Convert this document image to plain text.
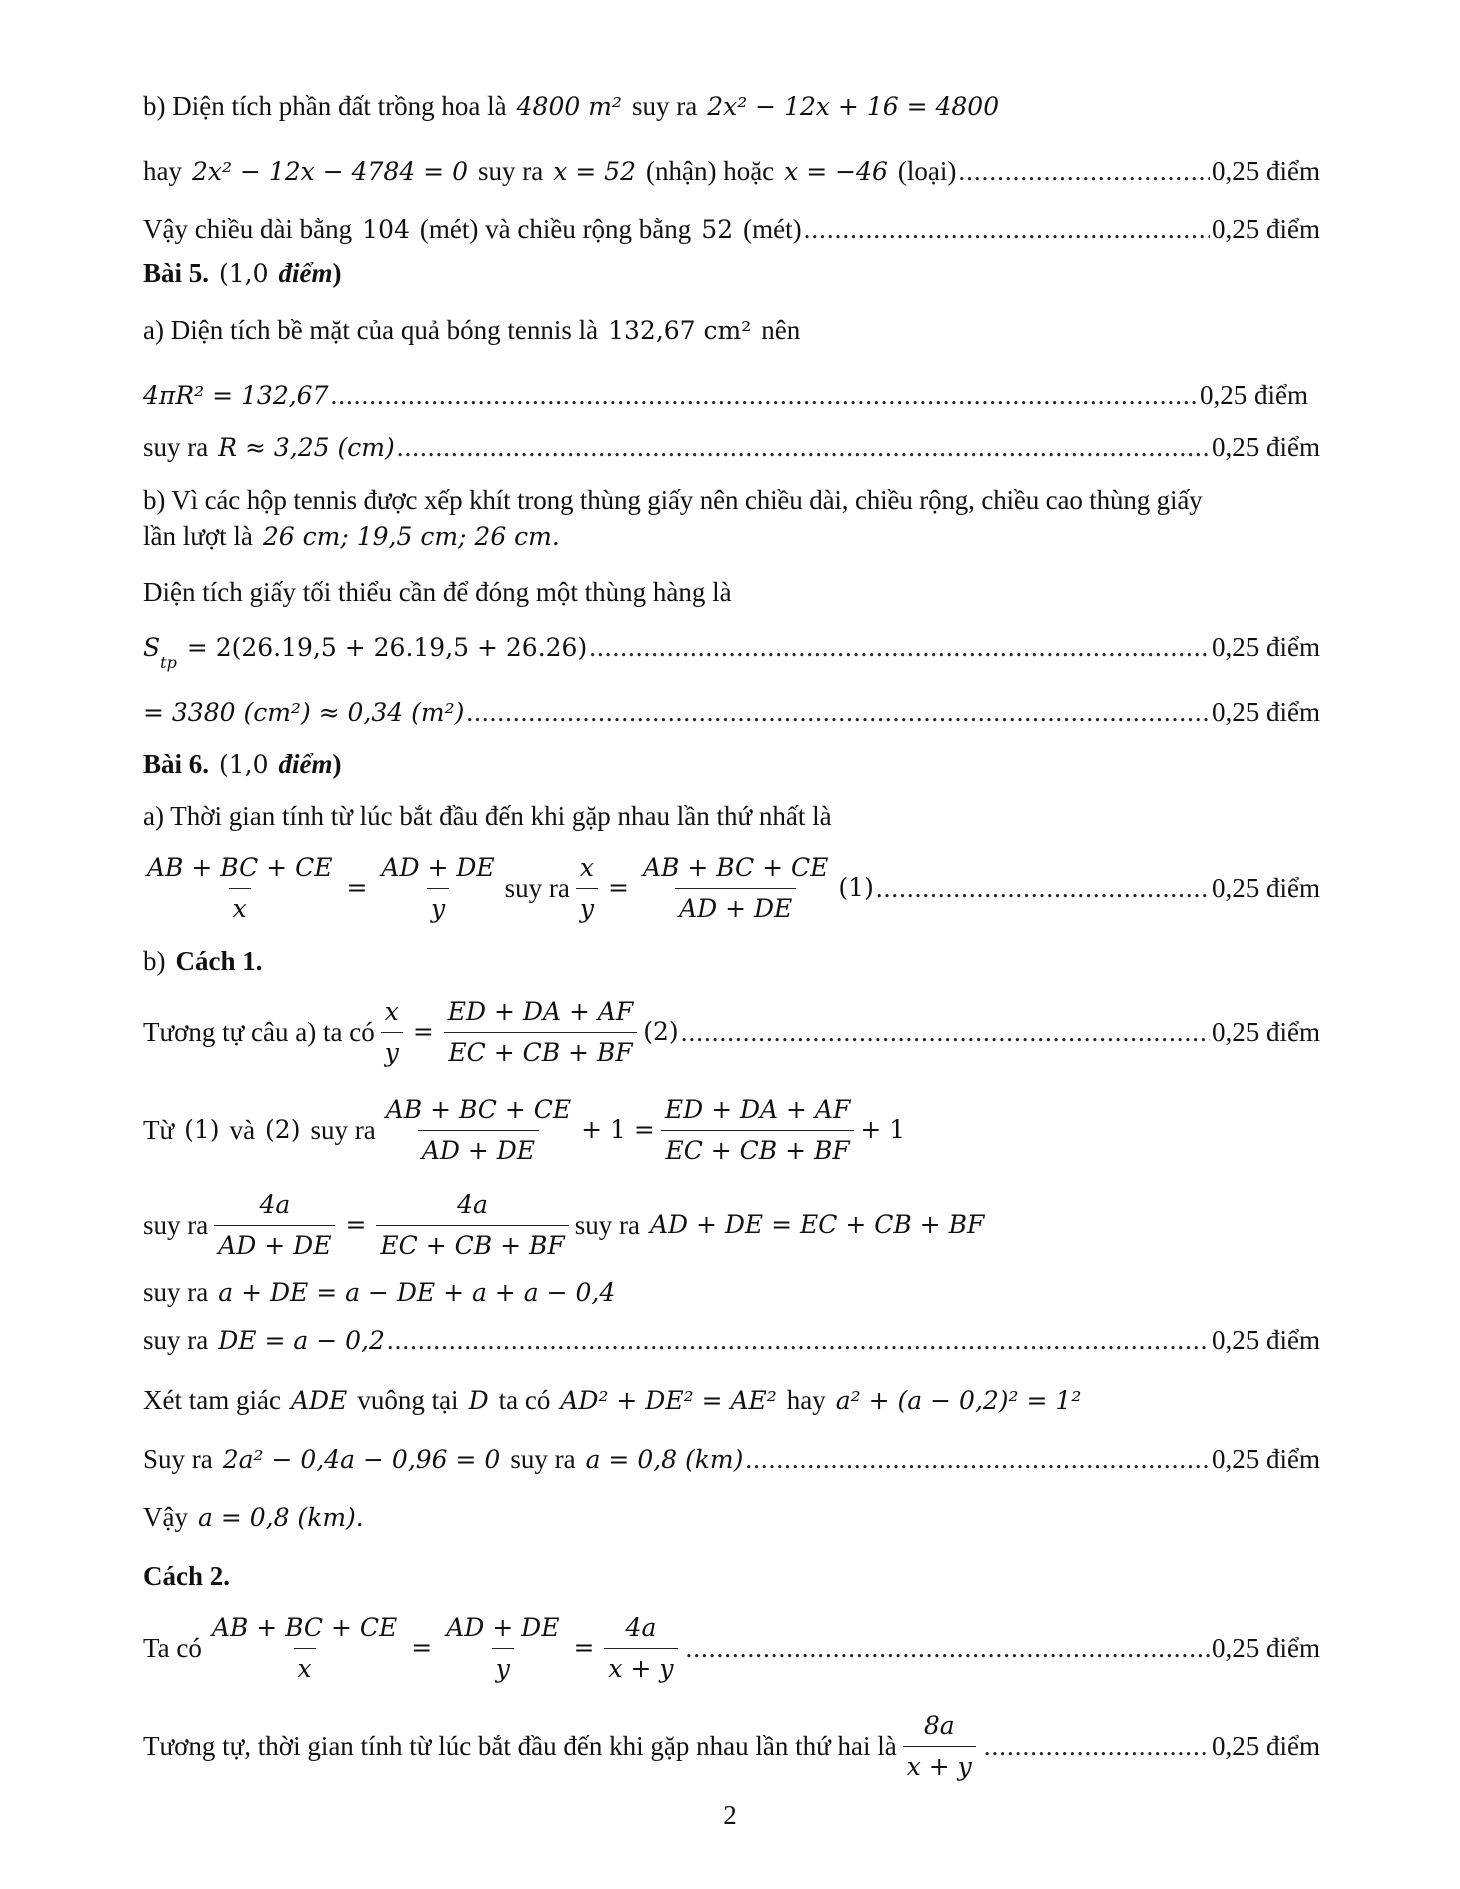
b) Diện tích phần đất trồng hoa là 4800 m² suy ra 2x² − 12x + 16 = 4800
hay 2x² − 12x − 4784 = 0 suy ra x = 52 (nhận) hoặc x = −46 (loại) .....	0,25 điểm
Vậy chiều dài bằng 104 (mét) và chiều rộng bằng 52 (mét) .....	0,25 điểm
Bài 5. (1,0 điểm )
a) Diện tích bề mặt của quả bóng tennis là 132,67 cm² nên
4πR² = 132,67 .....	0,25 điểm
suy ra R ≈ 3,25 (cm) .....	0,25 điểm
b) Vì các hộp tennis được xếp khít trong thùng giấy nên chiều dài, chiều rộng, chiều cao thùng giấy
lần lượt là 26 cm; 19,5 cm; 26 cm.
Diện tích giấy tối thiểu cần để đóng một thùng hàng là
S
tp
= 2(26.19,5 + 26.19,5 + 26.26) .....	0,25 điểm
= 3380 (cm²) ≈ 0,34 (m²) .....	0,25 điểm
Bài 6. (1,0 điểm )
a) Thời gian tính từ lúc bắt đầu đến khi gặp nhau lần thứ nhất là
$\frac{AB + BC + CE}{x} = \frac{AD + DE}{y}$ suy ra $\frac{x}{y} = \frac{AB + BC + CE}{AD + DE} (1)$ .....	0,25 điểm
b) Cách 1.
Tương tự câu a) ta có $\frac{x}{y} = \frac{ED + DA + AF}{EC + CB + BF} (2)$ .....	0,25 điểm
Từ (1) và (2) suy ra $\frac{AB + BC + CE}{AD + DE} + 1 = \frac{ED + DA + AF}{EC + CB + BF} + 1$
suy ra $\frac{4a}{AD + DE} = \frac{4a}{EC + CB + BF}$ suy ra AD + DE = EC + CB + BF
suy ra a + DE = a − DE + a + a − 0,4
suy ra DE = a − 0,2 .....	0,25 điểm
Xét tam giác ADE vuông tại D ta có AD² + DE² = AE² hay a² + (a − 0,2)² = 1²
Suy ra 2a² − 0,4a − 0,96 = 0 suy ra a = 0,8 (km) .....	0,25 điểm
Vậy a = 0,8 (km).
Cách 2.
Ta có $\frac{AB + BC + CE}{x} = \frac{AD + DE}{y} = \frac{4a}{x + y}$ .....	0,25 điểm
Tương tự, thời gian tính từ lúc bắt đầu đến khi gặp nhau lần thứ hai là $\frac{8a}{x + y}$ .....	0,25 điểm
2
